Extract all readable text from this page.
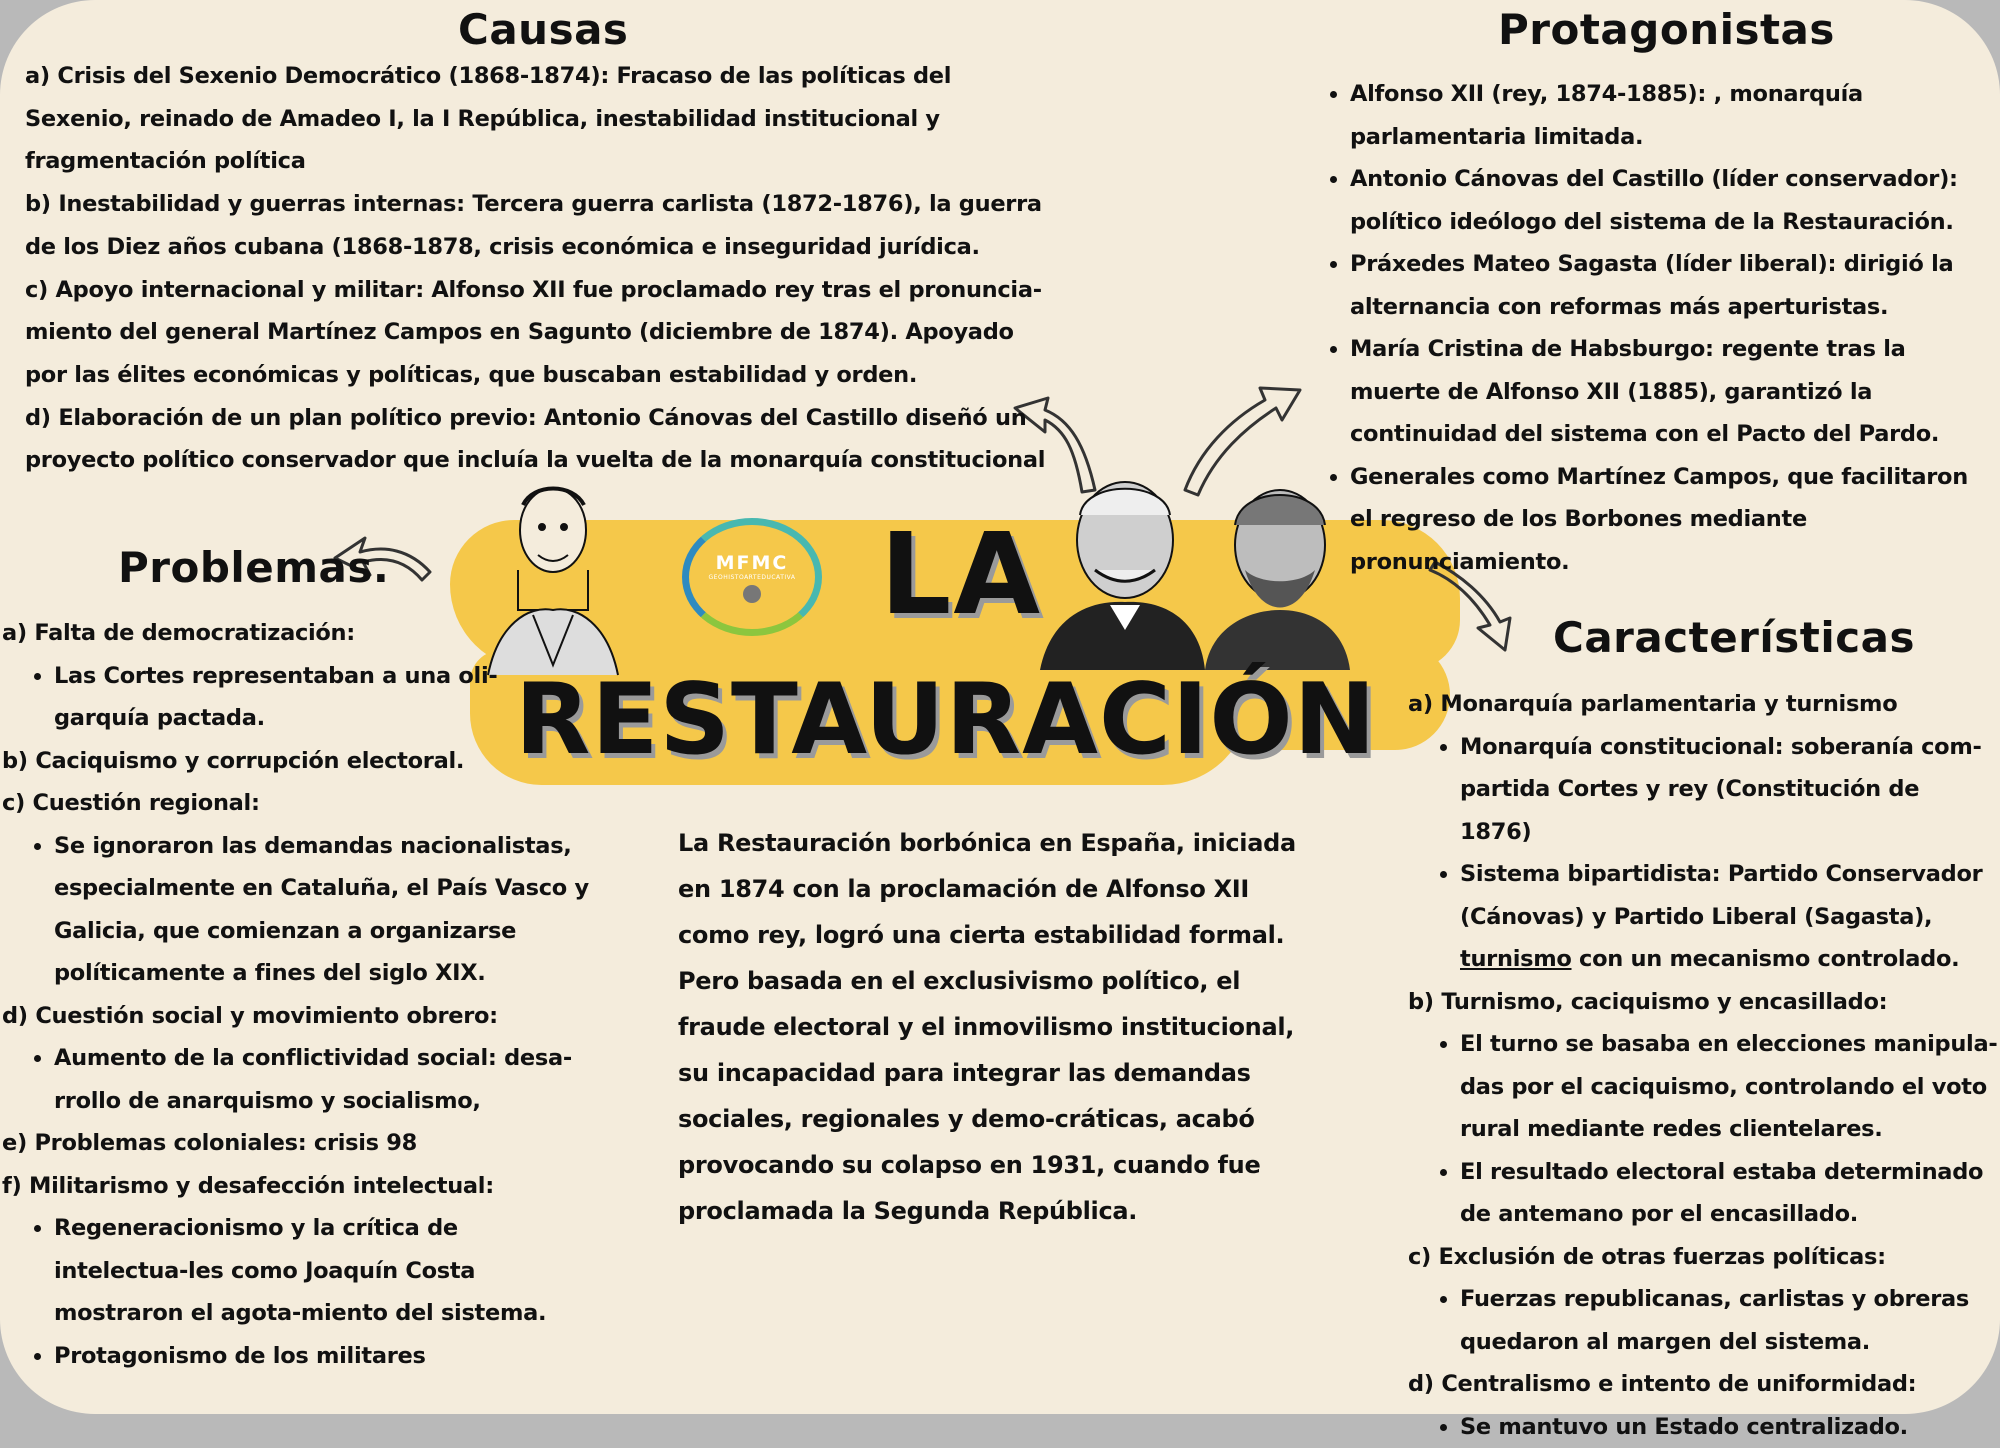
MFMC
GEOHISTOARTEDUCATIVA LA
RESTAURACIÓN
Causas

a) Crisis del Sexenio Democrático (1868-1874): Fracaso de las políticas del Sexenio, reinado de Amadeo I, la I República, inestabilidad institucional y fragmentación política

b) Inestabilidad y guerras internas: Tercera guerra carlista (1872-1876), la guerra de los Diez años cubana (1868-1878, crisis económica e inseguridad jurídica.

c) Apoyo internacional y militar: Alfonso XII fue proclamado rey tras el pronuncia-miento del general Martínez Campos en Sagunto (diciembre de 1874). Apoyado por las élites económicas y políticas, que buscaban estabilidad y orden.

d) Elaboración de un plan político previo: Antonio Cánovas del Castillo diseñó un proyecto político conservador que incluía la vuelta de la monarquía constitucional

Protagonistas
• Alfonso XII (rey, 1874-1885): , monarquía parlamentaria limitada.
• Antonio Cánovas del Castillo (líder conservador): político ideólogo del sistema de la Restauración.
• Práxedes Mateo Sagasta (líder liberal): dirigió la alternancia con reformas más aperturistas.
• María Cristina de Habsburgo: regente tras la muerte de Alfonso XII (1885), garantizó la continuidad del sistema con el Pacto del Pardo.
• Generales como Martínez Campos, que facilitaron el regreso de los Borbones mediante pronunciamiento.
Problemas.

a) Falta de democratización:

• Las Cortes representaban a una oli-garquía pactada.

b) Caciquismo y corrupción electoral.

c) Cuestión regional:

• Se ignoraron las demandas nacionalistas, especialmente en Cataluña, el País Vasco y Galicia, que comienzan a organizarse políticamente a fines del siglo XIX.

d) Cuestión social y movimiento obrero:

• Aumento de la conflictividad social: desa-rrollo de anarquismo y socialismo,

e) Problemas coloniales: crisis 98

f) Militarismo y desafección intelectual:

• Regeneracionismo y la crítica de intelectua-les como Joaquín Costa mostraron el agota-miento del sistema.
• Protagonismo de los militares

La Restauración borbónica en España, iniciada en 1874 con la proclamación de Alfonso XII como rey, logró una cierta estabilidad formal. Pero basada en el exclusivismo político, el fraude electoral y el inmovilismo institucional, su incapacidad para integrar las demandas sociales, regionales y demo-cráticas, acabó provocando su colapso en 1931, cuando fue proclamada la Segunda República.

Características

a) Monarquía parlamentaria y turnismo

• Monarquía constitucional: soberanía com-partida Cortes y rey (Constitución de 1876)
• Sistema bipartidista: Partido Conservador (Cánovas) y Partido Liberal (Sagasta), turnismo con un mecanismo controlado.

b) Turnismo, caciquismo y encasillado:

• El turno se basaba en elecciones manipula-das por el caciquismo, controlando el voto rural mediante redes clientelares.
• El resultado electoral estaba determinado de antemano por el encasillado.

c) Exclusión de otras fuerzas políticas:

• Fuerzas republicanas, carlistas y obreras quedaron al margen del sistema.

d) Centralismo e intento de uniformidad:

• Se mantuvo un Estado centralizado.
